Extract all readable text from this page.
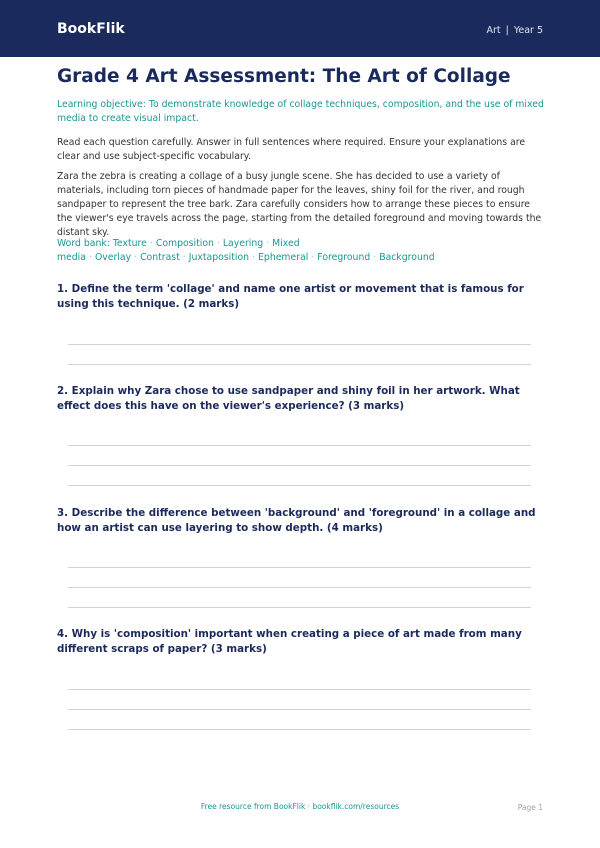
BookFlik	Art | Year 5
Grade 4 Art Assessment: The Art of Collage
Learning objective: To demonstrate knowledge of collage techniques, composition, and the use of mixed media to create visual impact.
Read each question carefully. Answer in full sentences where required. Ensure your explanations are clear and use subject-specific vocabulary.
Zara the zebra is creating a collage of a busy jungle scene. She has decided to use a variety of materials, including torn pieces of handmade paper for the leaves, shiny foil for the river, and rough sandpaper to represent the tree bark. Zara carefully considers how to arrange these pieces to ensure the viewer's eye travels across the page, starting from the detailed foreground and moving towards the distant sky.
Word bank: Texture · Composition · Layering · Mixed media · Overlay · Contrast · Juxtaposition · Ephemeral · Foreground · Background
1. Define the term 'collage' and name one artist or movement that is famous for using this technique. (2 marks)
2. Explain why Zara chose to use sandpaper and shiny foil in her artwork. What effect does this have on the viewer's experience? (3 marks)
3. Describe the difference between 'background' and 'foreground' in a collage and how an artist can use layering to show depth. (4 marks)
4. Why is 'composition' important when creating a piece of art made from many different scraps of paper? (3 marks)
Free resource from BookFlik · bookflik.com/resources	Page 1
